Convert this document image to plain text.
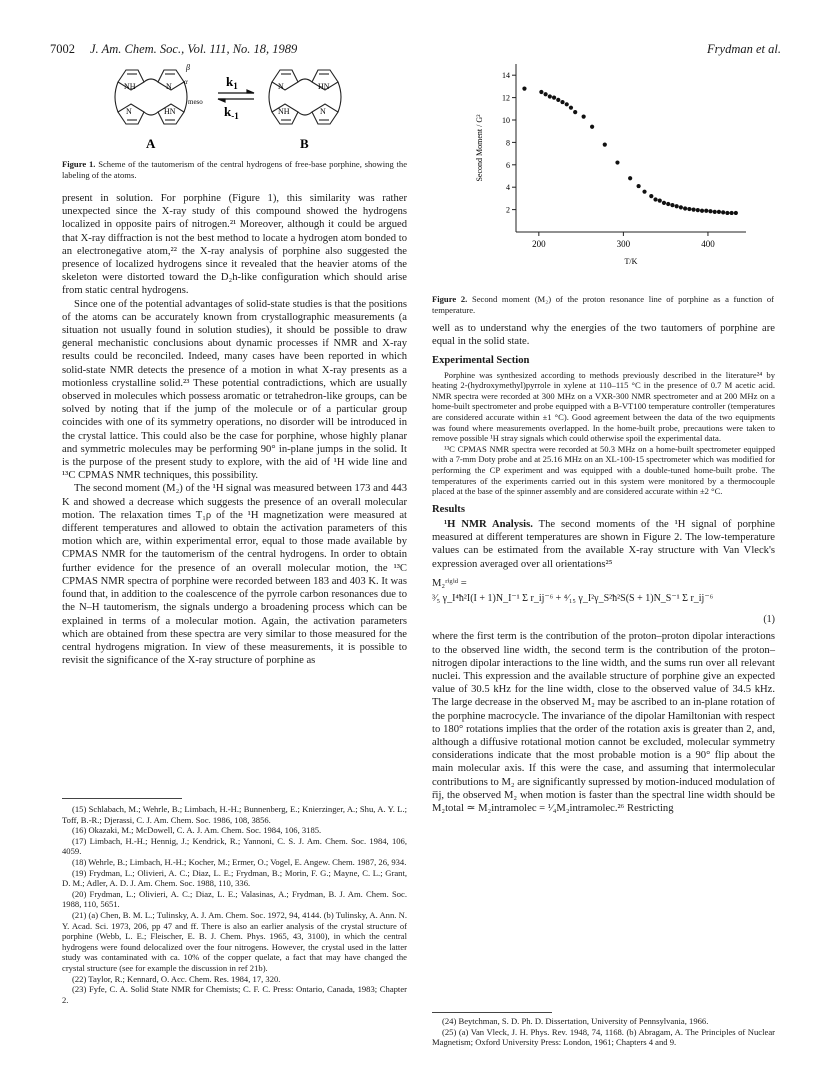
7002 J. Am. Chem. Soc., Vol. 111, No. 18, 1989	Frydman et al.
NH	N
N	HN
β
α
meso
N	HN
NH	N
$k_1$
$k_{-1}$
A	B
Figure 1. Scheme of the tautomerism of the central hydrogens of free-base porphine, showing the labeling of the atoms.
2
4
6
8
10
12
14
200	300	400
T/K
Second Moment / G²
Figure 2. Second moment (M₂) of the proton resonance line of porphine as a function of temperature.

present in solution. For porphine (Figure 1), this similarity was rather unexpected since the X-ray study of this compound showed the hydrogens localized in opposite pairs of nitrogen.²¹ Moreover, although it could be argued that X-ray diffraction is not the best method to locate a hydrogen atom bonded to an electronegative atom,²² the X-ray analysis of porphine also suggested the presence of localized hydrogens since it revealed that the heavier atoms of the skeleton were distorted toward the D₂h-like configuration which should arise from static central hydrogens.

Since one of the potential advantages of solid-state studies is that the positions of the atoms can be accurately known from crystallographic measurements (a situation not usually found in solution studies), it should be possible to draw general mechanistic conclusions about dynamic processes if NMR and X-ray results could be reconciled. Indeed, many cases have been reported in which solid-state NMR detects the presence of a motion in what X-ray presents as a motionless crystalline solid.²³ These potential contradictions, which are usually observed in molecules which possess aromatic or tetrahedron-like groups, can be solved by noting that if the jump of the molecule or of a particular group coincides with one of its symmetry operations, no disorder will be introduced in the crystal lattice. This could also be the case for porphine, whose highly planar and symmetric molecules may be performing 90° in-plane jumps in the solid. It is the purpose of the present study to explore, with the aid of ¹H wide line and ¹³C CPMAS NMR techniques, this possibility.

The second moment (M₂) of the ¹H signal was measured between 173 and 443 K and showed a decrease which suggests the presence of an overall molecular motion. The relaxation times T₁ρ of the ¹H magnetization were measured at different temperatures and allowed to obtain the activation parameters of this motion which are, within experimental error, equal to those made available by CPMAS NMR for the tautomerism of the central hydrogens. In order to obtain further evidence for the presence of an overall molecular motion, the ¹³C CPMAS NMR spectra of porphine were recorded between 183 and 403 K. It was found that, in addition to the coalescence of the pyrrole carbon resonances due to the N–H tautomerism, the signals undergo a broadening process which can be explained in terms of a molecular motion. Again, the activation parameters which are obtained from these spectra are very similar to those measured for the central hydrogens migration. In view of these measurements, it is possible to revisit the significance of the X-ray structure of porphine as

(15) Schlabach, M.; Wehrle, B.; Limbach, H.-H.; Bunnenberg, E.; Knierzinger, A.; Shu, A. Y. L.; Toff, B.-R.; Djerassi, C. J. Am. Chem. Soc. 1986, 108, 3856.

(16) Okazaki, M.; McDowell, C. A. J. Am. Chem. Soc. 1984, 106, 3185.

(17) Limbach, H.-H.; Hennig, J.; Kendrick, R.; Yannoni, C. S. J. Am. Chem. Soc. 1984, 106, 4059.

(18) Wehrle, B.; Limbach, H.-H.; Kocher, M.; Ermer, O.; Vogel, E. Angew. Chem. 1987, 26, 934.

(19) Frydman, L.; Olivieri, A. C.; Diaz, L. E.; Frydman, B.; Morin, F. G.; Mayne, C. L.; Grant, D. M.; Adler, A. D. J. Am. Chem. Soc. 1988, 110, 336.

(20) Frydman, L.; Olivieri, A. C.; Diaz, L. E.; Valasinas, A.; Frydman, B. J. Am. Chem. Soc. 1988, 110, 5651.

(21) (a) Chen, B. M. L.; Tulinsky, A. J. Am. Chem. Soc. 1972, 94, 4144. (b) Tulinsky, A. Ann. N. Y. Acad. Sci. 1973, 206, pp 47 and ff. There is also an earlier analysis of the crystal structure of porphine (Webb, L. E.; Fleischer, E. B. J. Chem. Phys. 1965, 43, 3100), in which the central hydrogens were found delocalized over the four nitrogens. However, the crystal used in the latter study was contaminated with ca. 10% of the copper quelate, a fact that may have changed the crystal structure (see for example the discussion in ref 21b).

(22) Taylor, R.; Kennard, O. Acc. Chem. Res. 1984, 17, 320.

(23) Fyfe, C. A. Solid State NMR for Chemists; C. F. C. Press: Ontario, Canada, 1983; Chapter 2.

well as to understand why the energies of the two tautomers of porphine are equal in the solid state.

Experimental Section

Porphine was synthesized according to methods previously described in the literature²⁴ by heating 2-(hydroxymethyl)pyrrole in xylene at 110–115 °C in the presence of 0.7 M acetic acid. NMR spectra were recorded at 300 MHz on a VXR-300 NMR spectrometer and at 200 MHz on a home-built spectrometer and probe equipped with a B-VT100 temperature controller (temperatures are considered accurate within ±1 °C). Good agreement between the data of the two equipments was found where measurements overlapped. In the home-built probe, precautions were taken to remove possible ¹H stray signals which could otherwise spoil the experimental data.

¹³C CPMAS NMR spectra were recorded at 50.3 MHz on a home-built spectrometer equipped with a 7-mm Doty probe and at 25.16 MHz on an XL-100-15 spectrometer which was modified for performing the CP experiment and was equipped with a double-tuned home-built probe. The temperatures of the experiments carried out in this system were monitored by a thermocouple placed at the base of the spinner assembly and are considered accurate within ±2 °C.

Results

¹H NMR Analysis. The second moments of the ¹H signal of porphine measured at different temperatures are shown in Figure 2. The low-temperature values can be estimated from the available X-ray structure with Van Vleck's expression averaged over all orientations²⁵

M₂ʳⁱᵍⁱᵈ =
³⁄₅ γ_I⁴ħ²I(I + 1)N_I⁻¹ Σ r_ij⁻⁶ + ⁴⁄₁₅ γ_I²γ_S²ħ²S(S + 1)N_S⁻¹ Σ r_ij⁻⁶
(1)

where the first term is the contribution of the proton–proton dipolar interactions to the observed line width, the second term is the contribution of the proton–nitrogen dipolar interactions to the line width, and the sums run over all relevant nuclei. This expression and the available structure of porphine give an expected value of 30.5 kHz for the line width, close to the observed value of 34.5 kHz. The large decrease in the observed M₂ may be ascribed to an in-plane rotation of the porphine macrocycle. The invariance of the dipolar Hamiltonian with respect to 180° rotations implies that the order of the rotation axis is greater than 2, and, although a diffusive rotational motion cannot be excluded, molecular symmetry considerations indicate that the most probable motion is a 90° flip about the main molecular axis. If this were the case, and assuming that intermolecular contributions to M₂ are significantly supressed by motion-induced modulation of r̄ij, the observed M₂ when motion is faster than the spectral line width should be M₂total ≃ M₂intramolec = ¹⁄₄M₂intramolec.²⁶ Restricting

(24) Beytchman, S. D. Ph. D. Dissertation, University of Pennsylvania, 1966.

(25) (a) Van Vleck, J. H. Phys. Rev. 1948, 74, 1168. (b) Abragam, A. The Principles of Nuclear Magnetism; Oxford University Press: London, 1961; Chapters 4 and 9.
